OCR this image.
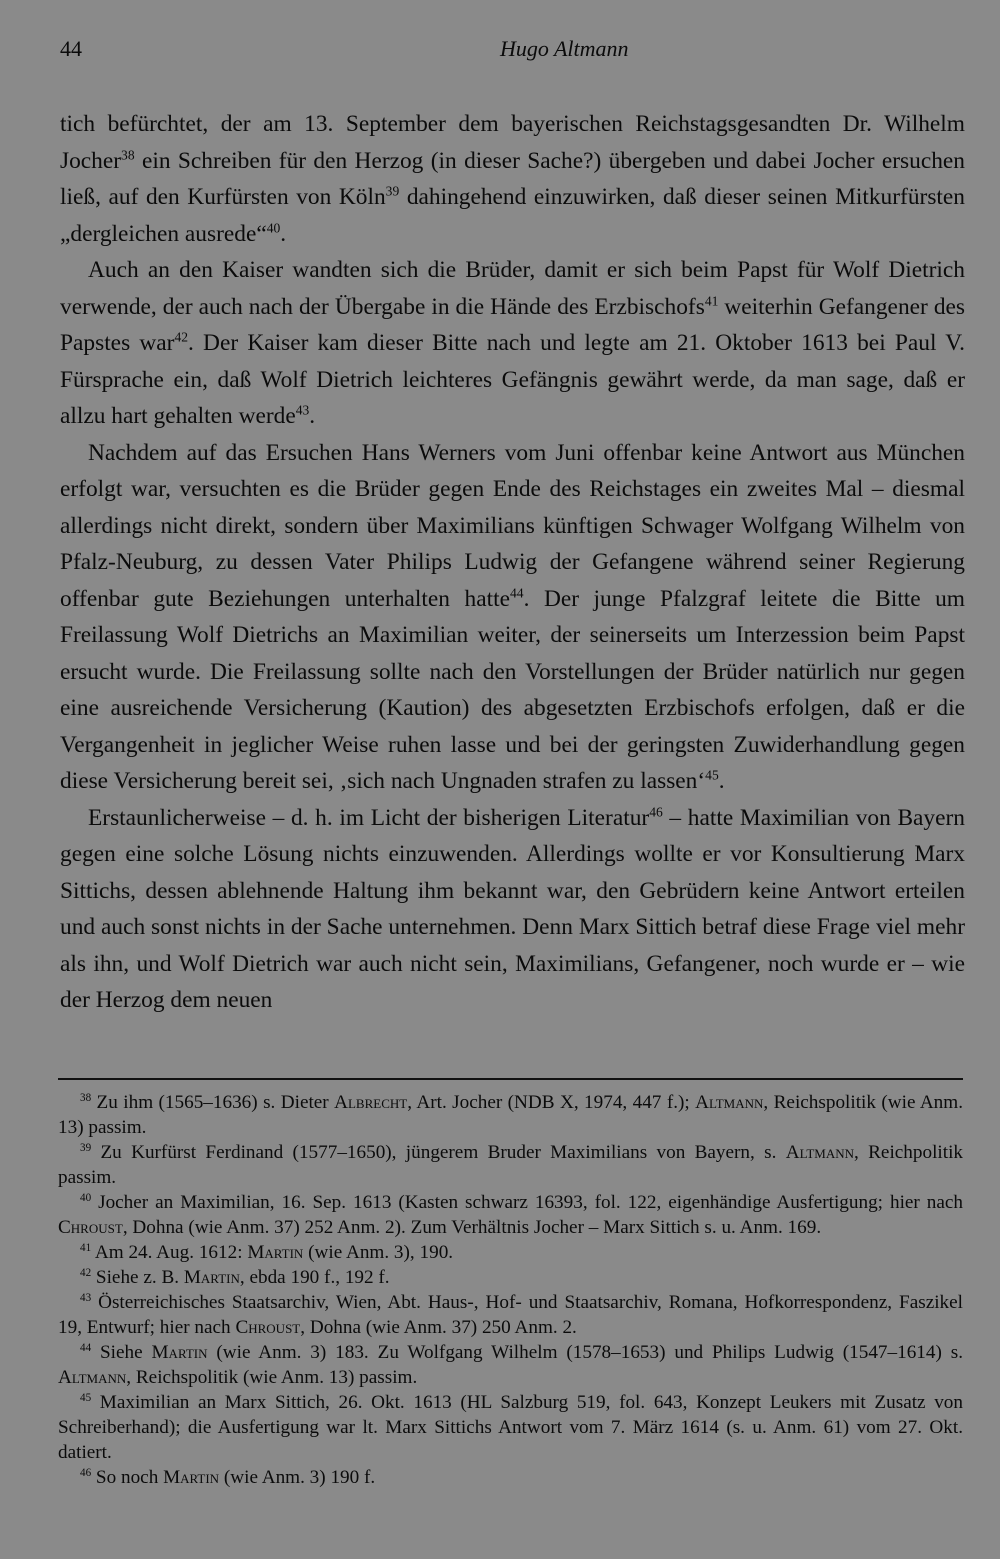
44	Hugo Altmann

tich befürchtet, der am 13. September dem bayerischen Reichstagsgesandten Dr. Wilhelm Jocher$^{38}$ ein Schreiben für den Herzog (in dieser Sache?) übergeben und dabei Jocher ersuchen ließ, auf den Kurfürsten von Köln$^{39}$ dahingehend einzuwirken, daß dieser seinen Mitkurfürsten „dergleichen ausrede“$^{40}$.

Auch an den Kaiser wandten sich die Brüder, damit er sich beim Papst für Wolf Dietrich verwende, der auch nach der Übergabe in die Hände des Erzbischofs$^{41}$ weiterhin Gefangener des Papstes war$^{42}$. Der Kaiser kam dieser Bitte nach und legte am 21. Oktober 1613 bei Paul V. Fürsprache ein, daß Wolf Dietrich leichteres Gefängnis gewährt werde, da man sage, daß er allzu hart gehalten werde$^{43}$.

Nachdem auf das Ersuchen Hans Werners vom Juni offenbar keine Antwort aus München erfolgt war, versuchten es die Brüder gegen Ende des Reichstages ein zweites Mal – diesmal allerdings nicht direkt, sondern über Maximilians künftigen Schwager Wolfgang Wilhelm von Pfalz-Neuburg, zu dessen Vater Philips Ludwig der Gefangene während seiner Regierung offenbar gute Beziehungen unterhalten hatte$^{44}$. Der junge Pfalzgraf leitete die Bitte um Freilassung Wolf Dietrichs an Maximilian weiter, der seinerseits um Interzession beim Papst ersucht wurde. Die Freilassung sollte nach den Vorstellungen der Brüder natürlich nur gegen eine ausreichende Versicherung (Kaution) des abgesetzten Erzbischofs erfolgen, daß er die Vergangenheit in jeglicher Weise ruhen lasse und bei der geringsten Zuwiderhandlung gegen diese Versicherung bereit sei, ‚sich nach Ungnaden strafen zu lassen‘$^{45}$.

Erstaunlicherweise – d. h. im Licht der bisherigen Literatur$^{46}$ – hatte Maximilian von Bayern gegen eine solche Lösung nichts einzuwenden. Allerdings wollte er vor Konsultierung Marx Sittichs, dessen ablehnende Haltung ihm bekannt war, den Gebrüdern keine Antwort erteilen und auch sonst nichts in der Sache unternehmen. Denn Marx Sittich betraf diese Frage viel mehr als ihn, und Wolf Dietrich war auch nicht sein, Maximilians, Gefangener, noch wurde er – wie der Herzog dem neuen

$^{38}$ Zu ihm (1565–1636) s. Dieter Albrecht, Art. Jocher (NDB X, 1974, 447 f.); Altmann, Reichspolitik (wie Anm. 13) passim.

$^{39}$ Zu Kurfürst Ferdinand (1577–1650), jüngerem Bruder Maximilians von Bayern, s. Altmann, Reichpolitik passim.

$^{40}$ Jocher an Maximilian, 16. Sep. 1613 (Kasten schwarz 16393, fol. 122, eigenhändige Ausfertigung; hier nach Chroust, Dohna (wie Anm. 37) 252 Anm. 2). Zum Verhältnis Jocher – Marx Sittich s. u. Anm. 169.

$^{41}$ Am 24. Aug. 1612: Martin (wie Anm. 3), 190.

$^{42}$ Siehe z. B. Martin, ebda 190 f., 192 f.

$^{43}$ Österreichisches Staatsarchiv, Wien, Abt. Haus-, Hof- und Staatsarchiv, Romana, Hofkorrespondenz, Faszikel 19, Entwurf; hier nach Chroust, Dohna (wie Anm. 37) 250 Anm. 2.

$^{44}$ Siehe Martin (wie Anm. 3) 183. Zu Wolfgang Wilhelm (1578–1653) und Philips Ludwig (1547–1614) s. Altmann, Reichspolitik (wie Anm. 13) passim.

$^{45}$ Maximilian an Marx Sittich, 26. Okt. 1613 (HL Salzburg 519, fol. 643, Konzept Leukers mit Zusatz von Schreiberhand); die Ausfertigung war lt. Marx Sittichs Antwort vom 7. März 1614 (s. u. Anm. 61) vom 27. Okt. datiert.

$^{46}$ So noch Martin (wie Anm. 3) 190 f.
